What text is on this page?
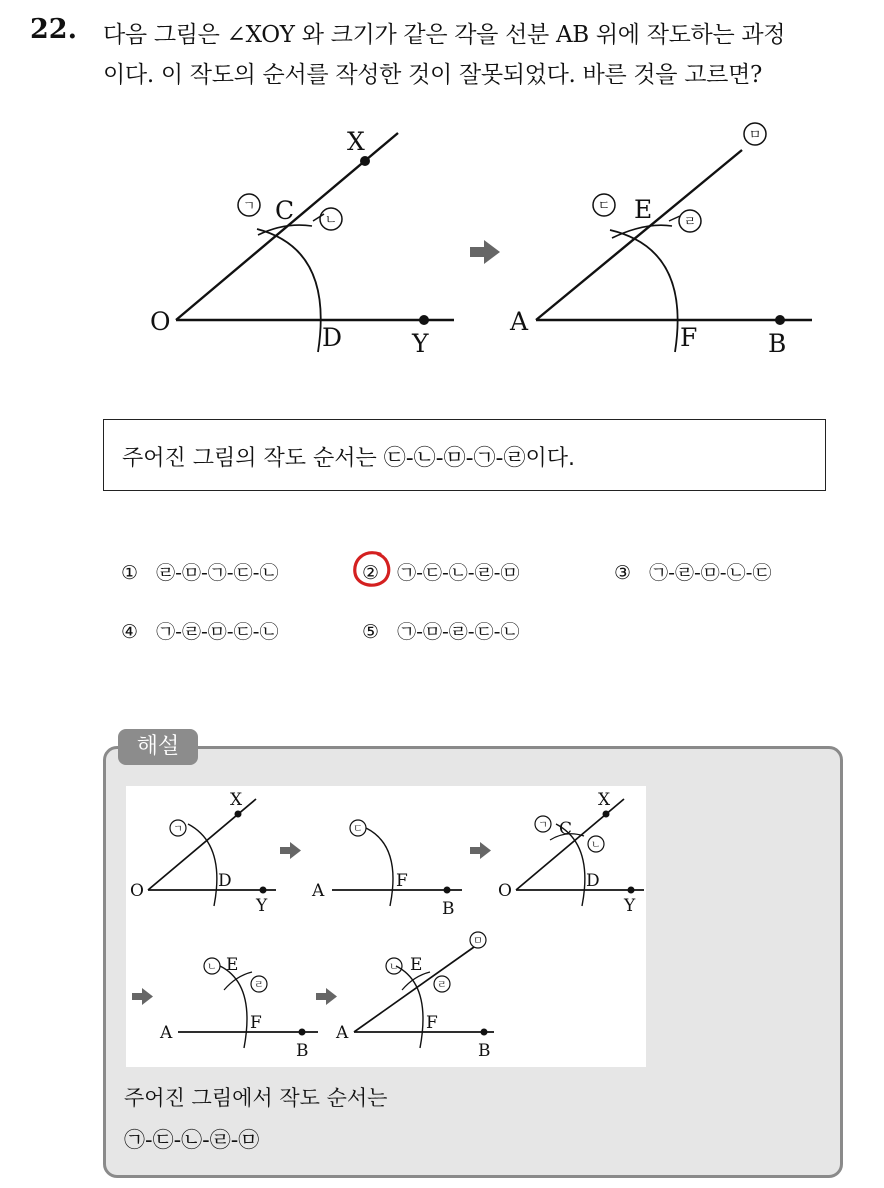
22. 다음 그림은 ∠XOY 와 크기가 같은 각을 선분 AB 위에 작도하는 과정
이다. 이 작도의 순서를 작성한 것이 잘못되었다. 바른 것을 고르면?
X
Y
O
C
D
A
B
E
F
ㄱ
ㄴ
ㄷ
ㄹ
ㅁ
주어진 그림의 작도 순서는 ㉢-㉡-㉤-㉠-㉣이다.
① ㉣-㉤-㉠-㉢-㉡	② ㉠-㉢-㉡-㉣-㉤	③ ㉠-㉣-㉤-㉡-㉢
④ ㉠-㉣-㉤-㉢-㉡	⑤ ㉠-㉤-㉣-㉢-㉡
해설
X
Y
O	D	A
B
F
X
Y
O
C
D
E
F
A
B
E
F
A
B
ㄱ	ㄷ	ㄱ
ㄴ
ㄴ
ㄹ
ㄴ
ㄹ
ㅁ
주어진 그림에서 작도 순서는
㉠-㉢-㉡-㉣-㉤
